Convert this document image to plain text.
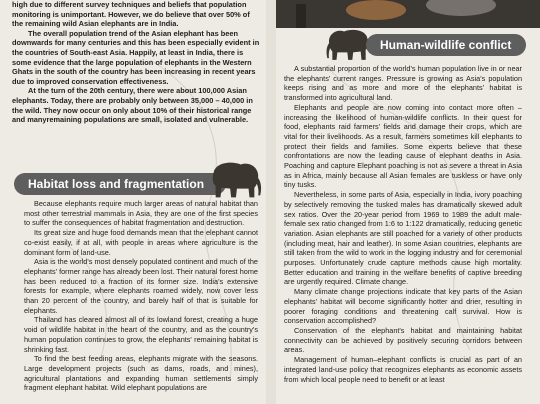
high due to different survey techniques and beliefs that population monitoring is unimportant. However, we do believe that over 50% of the remaining wild Asian elephants are in India.

The overall population trend of the Asian elephant has been downwards for many centuries and this has been especially evident in the countries of South-east Asia. Happily, at least in India, there is some evidence that the large population of elephants in the Western Ghats in the south of the country has been increasing in recent years due to improved conservation effectiveness.

At the turn of the 20th century, there were about 100,000 Asian elephants. Today, there are probably only between 35,000 – 40,000 in the wild. They now occur on only about 10% of their historical range and manyremaining populations are small, isolated and vulnerable.

Habitat loss and fragmentation

Because elephants require much larger areas of natural habitat than most other terrestrial mammals in Asia, they are one of the first species to suffer the consequences of habitat fragmentation and destruction.

Its great size and huge food demands mean that the elephant cannot co-exist easily, if at all, with people in areas where agriculture is the dominant form of land-use.

Asia is the world's most densely populated continent and much of the elephants' former range has already been lost. Their natural forest home has been reduced to a fraction of its former size. India's extensive forests for example, where elephants roamed widely, now cover less than 20 percent of the country, and barely half of that is suitable for elephants.

Thailand has cleared almost all of its lowland forest, creating a huge void of wildlife habitat in the heart of the country, and as the country's human population continues to grow, the elephants' remaining habitat is shrinking fast.

To find the best feeding areas, elephants migrate with the seasons. Large development projects (such as dams, roads, and mines), agricultural plantations and expanding human settlements simply fragment elephant habitat. Wild elephant populations are

Human-wildlife conflict

A substantial proportion of the world's human population live in or near the elephants' current ranges. Pressure is growing as Asia's population keeps rising and as more and more of the elephants' habitat is transformed into agricultural land.

Elephants and people are now coming into contact more often – increasing the likelihood of human-wildlife conflicts. In their quest for food, elephants raid farmers' fields and damage their crops, which are vital for their livelihoods. As a result, farmers sometimes kill elephants to protect their fields and families. Some experts believe that these confrontations are now the leading cause of elephant deaths in Asia. Poaching and capture Elephant poaching is not as severe a threat in Asia as in Africa, mainly because all Asian females are tuskless or have only tiny tusks.

Nevertheless, in some parts of Asia, especially in India, ivory poaching by selectively removing the tusked males has dramatically skewed adult sex ratios. Over the 20-year period from 1969 to 1989 the adult male-female sex ratio changed from 1:6 to 1:122 dramatically, reducing genetic variation. Asian elephants are still poached for a variety of other products (including meat, hair and leather). In some Asian countries, elephants are still taken from the wild to work in the logging industry and for ceremonial purposes. Unfortunately crude capture methods cause high mortality. Better education and training in the welfare benefits of captive breeding are urgently required. Climate change.

Many climate change projections indicate that key parts of the Asian elephants' habitat will become significantly hotter and drier, resulting in poorer foraging conditions and threatening calf survival. How is conservation accomplished?

Conservation of the elephant's habitat and maintaining habitat connectivity can be achieved by positively securing corridors between areas.

Management of human–elephant conflicts is crucial as part of an integrated land-use policy that recognizes elephants as economic assets from which local people need to benefit or at least
